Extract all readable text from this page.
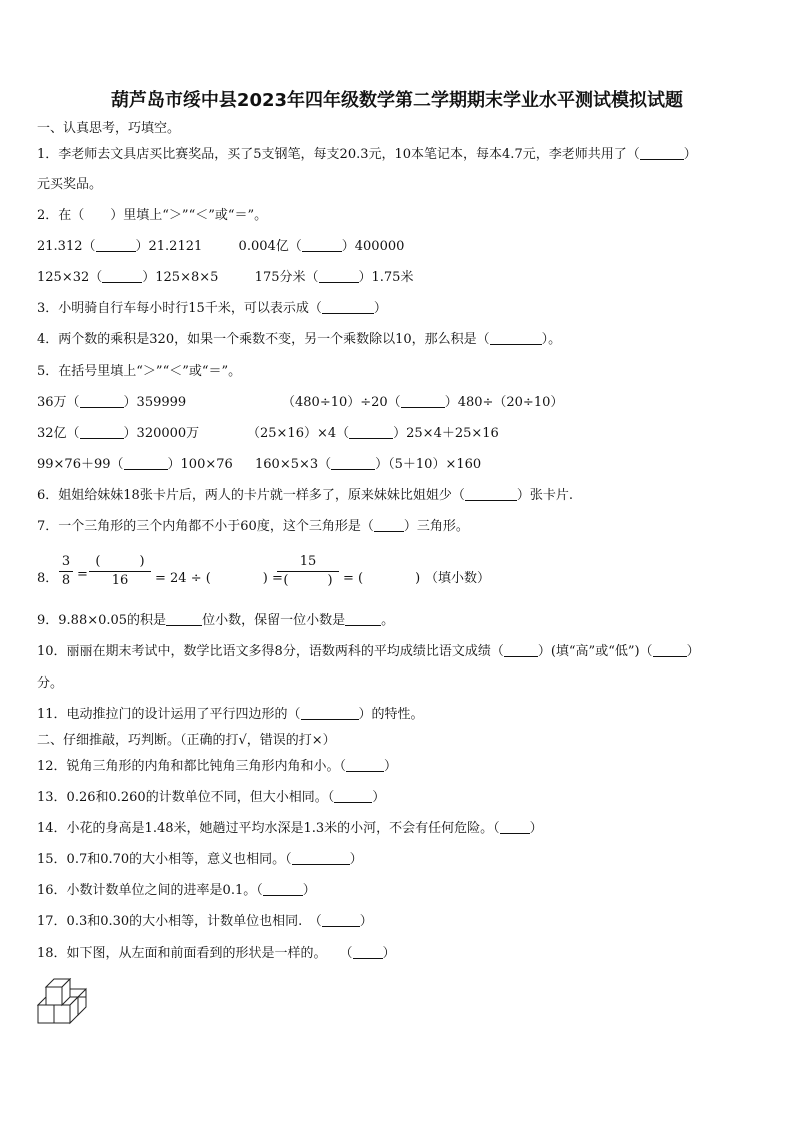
葫芦岛市绥中县2023年四年级数学第二学期期末学业水平测试模拟试题
一、认真思考，巧填空。
1．李老师去文具店买比赛奖品，买了5支钢笔，每支20.3元，10本笔记本，每本4.7元，李老师共用了（	）
元买奖品。
2．在（　　）里填上“＞”“＜”或“＝”。
21.312（	）21.2121	0.004亿（	）400000
125×32（	）125×8×5	175分米（	）1.75米
3．小明骑自行车每小时行15千米，可以表示成（	）
4．两个数的乘积是320，如果一个乘数不变，另一个乘数除以10，那么积是（	）。
5．在括号里填上“＞”“＜”或“＝”。
36万（	）359999	（480÷10）÷20（	）480÷（20÷10）
32亿（	）320000万	（25×16）×4（	）25×4＋25×16
99×76＋99（	）100×76 160×5×3（	）（5＋10）×160
6．姐姐给妹妹18张卡片后，两人的卡片就一样多了，原来妹妹比姐姐少（	）张卡片.
7．一个三角形的三个内角都不小于60度，这个三角形是（ ）三角形。
8．
3
8 =
(　　　)
16	= 24 ÷ (　　　　) =
15
(　　　) = (　　　　) （填小数）
9．9.88×0.05的积是	位小数，保留一位小数是	。
10．丽丽在期末考试中，数学比语文多得8分，语数两科的平均成绩比语文成绩（	）(填“高”或“低”)（	）
分。
11．电动推拉门的设计运用了平行四边形的（	）的特性。
二、仔细推敲，巧判断。（正确的打√，错误的打×）
12．锐角三角形的内角和都比钝角三角形内角和小。（	）
13．0.26和0.260的计数单位不同，但大小相同。（	）
14．小花的身高是1.48米，她趟过平均水深是1.3米的小河，不会有任何危险。（ ）
15．0.7和0.70的大小相等，意义也相同。（	）
16．小数计数单位之间的进率是0.1。（	）
17．0.3和0.30的大小相等，计数单位也相同.　（	）
18．如下图，从左面和前面看到的形状是一样的。　　（ ）
